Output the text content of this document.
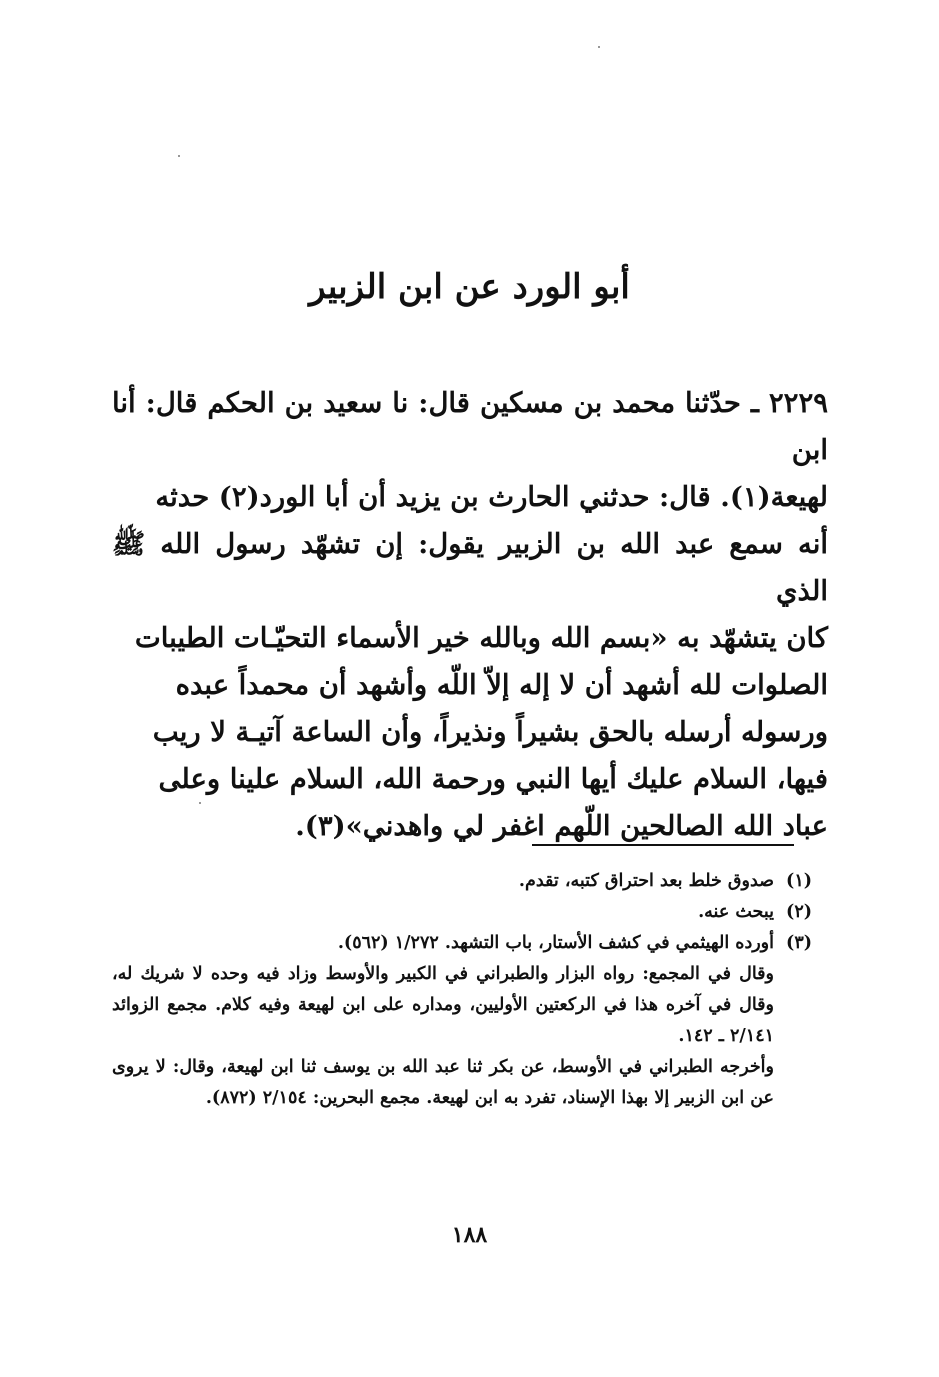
أبو الورد عن ابن الزبير

٢٢٢٩ ـ حدّثنا محمد بن مسكين قال: نا سعيد بن الحكم قال: أنا ابن

لهيعة(١). قال: حدثني الحارث بن يزيد أن أبا الورد(٢) حدثه

أنه سمع عبد الله بن الزبير يقول: إن تشهّد رسول الله ﷺ الذي

كان يتشهّد به «بسم الله وبالله خير الأسماء التحيّـات الطيبات

الصلوات لله أشهد أن لا إله إلاّ اللّه وأشهد أن محمداً عبده

ورسوله أرسله بالحق بشيراً ونذيراً، وأن الساعة آتيـة لا ريب

فيها، السلام عليك أيها النبي ورحمة الله، السلام علينا وعلى

عباد الله الصالحين اللّهم اغفر لي واهدني»(٣).

(١)
صدوق خلط بعد احتراق كتبه، تقدم.
(٢)
يبحث عنه.
(٣)
أورده الهيثمي في كشف الأستار، باب التشهد. ١/٢٧٢ (٥٦٢).

وقال في المجمع: رواه البزار والطبراني في الكبير والأوسط وزاد فيه وحده لا شريك له، وقال في آخره هذا في الركعتين الأوليين، ومداره على ابن لهيعة وفيه كلام. مجمع الزوائد ٢/١٤١ ـ ١٤٢.

وأخرجه الطبراني في الأوسط، عن بكر ثنا عبد الله بن يوسف ثنا ابن لهيعة، وقال: لا يروى عن ابن الزبير إلا بهذا الإسناد، تفرد به ابن لهيعة. مجمع البحرين: ٢/١٥٤ (٨٧٢).

١٨٨
